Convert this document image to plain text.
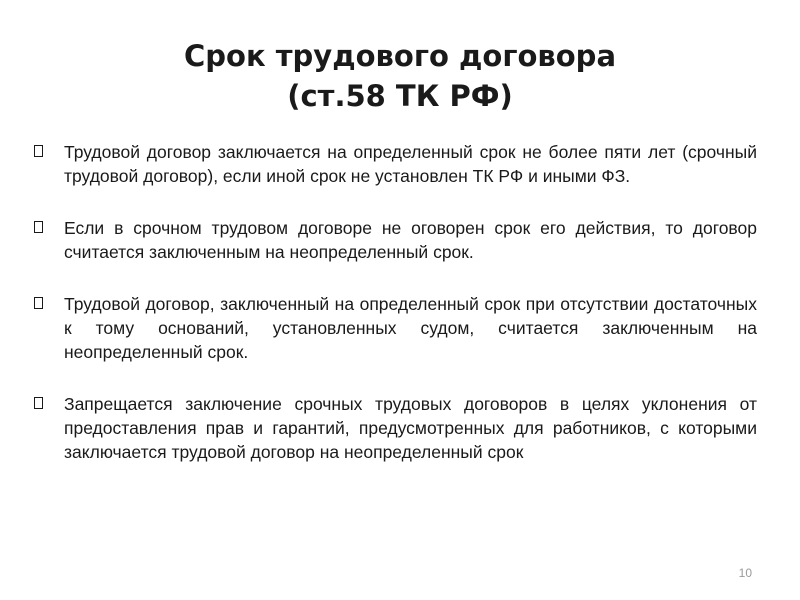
Срок трудового договора
(ст.58 ТК РФ)
Трудовой договор заключается на определенный срок не более пяти лет (срочный трудовой договор), если иной срок не установлен ТК РФ и иными ФЗ.
Если в срочном трудовом договоре не оговорен срок его действия, то договор считается заключенным на неопределенный срок.
Трудовой договор, заключенный на определенный срок при отсутствии достаточных к тому оснований, установленных судом, считается заключенным на неопределенный срок.
Запрещается заключение срочных трудовых договоров в целях уклонения от предоставления прав и гарантий, предусмотренных для работников, с которыми заключается трудовой договор на неопределенный срок
10
